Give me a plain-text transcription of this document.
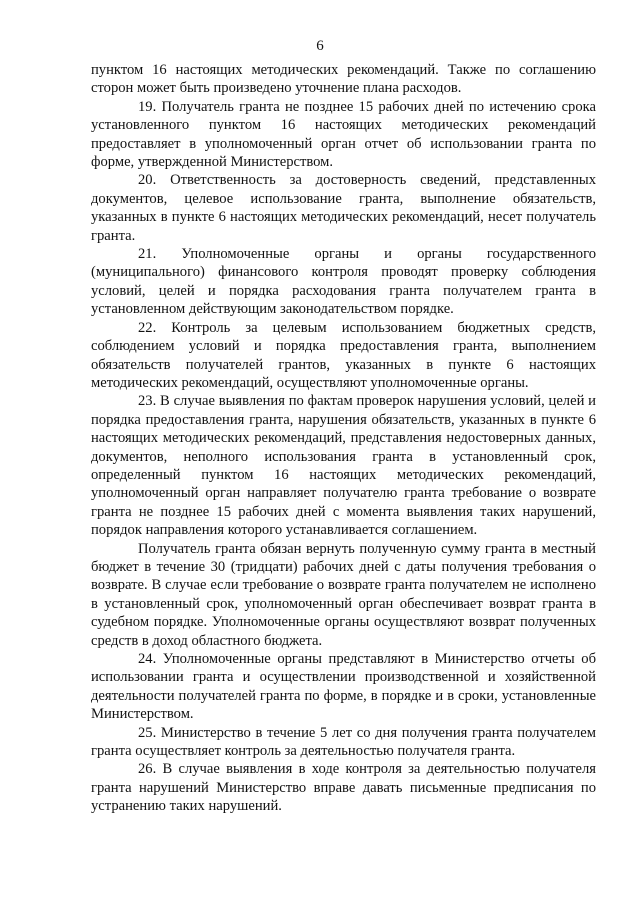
6

пунктом 16 настоящих методических рекомендаций. Также по соглашению сторон может быть произведено уточнение плана расходов.

19. Получатель гранта не позднее 15 рабочих дней по истечению срока установленного пунктом 16 настоящих методических рекомендаций предоставляет в уполномоченный орган отчет об использовании гранта по форме, утвержденной Министерством.

20. Ответственность за достоверность сведений, представленных документов, целевое использование гранта, выполнение обязательств, указанных в пункте 6 настоящих методических рекомендаций, несет получатель гранта.

21. Уполномоченные органы и органы государственного (муниципального) финансового контроля проводят проверку соблюдения условий, целей и порядка расходования гранта получателем гранта в установленном действующим законодательством порядке.

22. Контроль за целевым использованием бюджетных средств, соблюдением условий и порядка предоставления гранта, выполнением обязательств получателей грантов, указанных в пункте 6 настоящих методических рекомендаций, осуществляют уполномоченные органы.

23. В случае выявления по фактам проверок нарушения условий, целей и порядка предоставления гранта, нарушения обязательств, указанных в пункте 6 настоящих методических рекомендаций, представления недостоверных данных, документов, неполного использования гранта в установленный срок, определенный пунктом 16 настоящих методических рекомендаций, уполномоченный орган направляет получателю гранта требование о возврате гранта не позднее 15 рабочих дней с момента выявления таких нарушений, порядок направления которого устанавливается соглашением.

Получатель гранта обязан вернуть полученную сумму гранта в местный бюджет в течение 30 (тридцати) рабочих дней с даты получения требования о возврате. В случае если требование о возврате гранта получателем не исполнено в установленный срок, уполномоченный орган обеспечивает возврат гранта в судебном порядке. Уполномоченные органы осуществляют возврат полученных средств в доход областного бюджета.

24. Уполномоченные органы представляют в Министерство отчеты об использовании гранта и осуществлении производственной и хозяйственной деятельности получателей гранта по форме, в порядке и в сроки, установленные Министерством.

25. Министерство в течение 5 лет со дня получения гранта получателем гранта осуществляет контроль за деятельностью получателя гранта.

26. В случае выявления в ходе контроля за деятельностью получателя гранта нарушений Министерство вправе давать письменные предписания по устранению таких нарушений.
